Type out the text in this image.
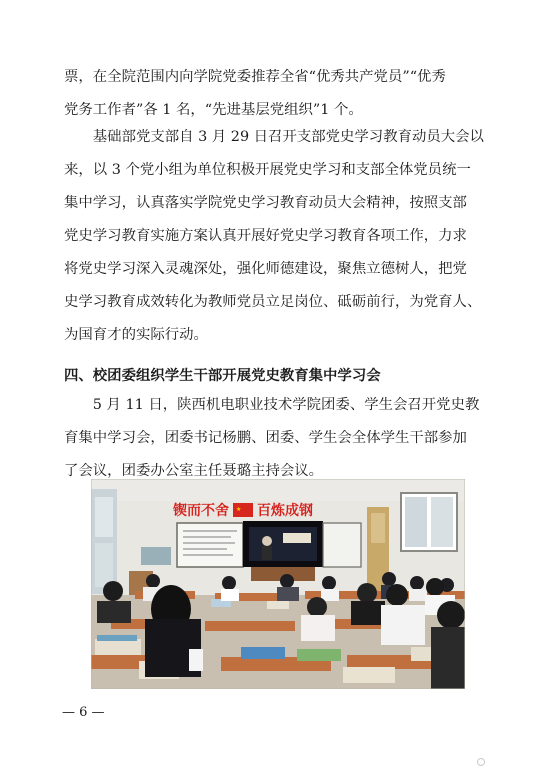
票，在全院范围内向学院党委推荐全省“优秀共产党员”“优秀
党务工作者”各 1 名，“先进基层党组织”1 个。
　　基础部党支部自 3 月 29 日召开支部党史学习教育动员大会以
来，以 3 个党小组为单位积极开展党史学习和支部全体党员统一
集中学习，认真落实学院党史学习教育动员大会精神，按照支部
党史学习教育实施方案认真开展好党史学习教育各项工作，力求
将党史学习深入灵魂深处，强化师德建设，聚焦立德树人，把党
史学习教育成效转化为教师党员立足岗位、砥砺前行，为党育人、
为国育才的实际行动。
四、校团委组织学生干部开展党史教育集中学习会
　　5 月 11 日，陕西机电职业技术学院团委、学生会召开党史教
育集中学习会，团委书记杨鹏、团委、学生会全体学生干部参加
了会议，团委办公室主任聂璐主持会议。
锲而不舍 ★ 百炼成钢
— 6 —
